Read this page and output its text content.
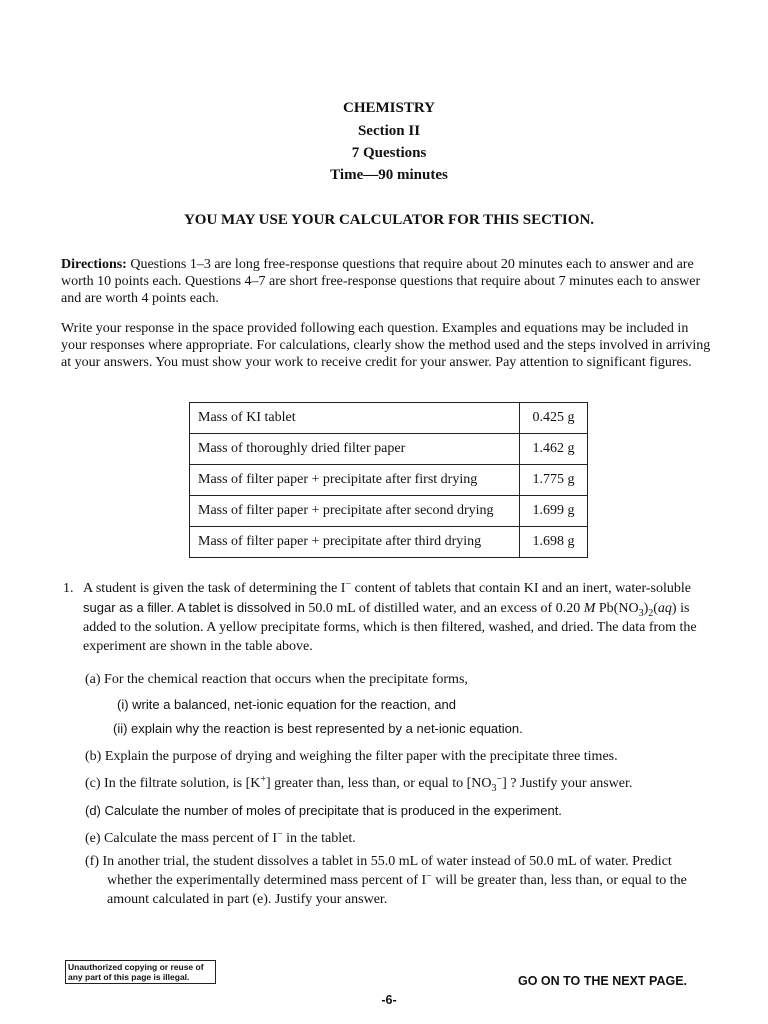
CHEMISTRY
Section II
7 Questions
Time—90 minutes
YOU MAY USE YOUR CALCULATOR FOR THIS SECTION.
Directions: Questions 1–3 are long free-response questions that require about 20 minutes each to answer and are worth 10 points each. Questions 4–7 are short free-response questions that require about 7 minutes each to answer and are worth 4 points each.
Write your response in the space provided following each question. Examples and equations may be included in your responses where appropriate. For calculations, clearly show the method used and the steps involved in arriving at your answers. You must show your work to receive credit for your answer. Pay attention to significant figures.
Mass of KI tablet	0.425 g
Mass of thoroughly dried filter paper	1.462 g
Mass of filter paper + precipitate after first drying	1.775 g
Mass of filter paper + precipitate after second drying	1.699 g
Mass of filter paper + precipitate after third drying	1.698 g
1. A student is given the task of determining the I− content of tablets that contain KI and an inert, water-soluble
sugar as a filler. A tablet is dissolved in 50.0 mL of distilled water, and an excess of 0.20 M $Pb(NO_3)_2(aq)$ is
added to the solution. A yellow precipitate forms, which is then filtered, washed, and dried. The data from the
experiment are shown in the table above.
(a) For the chemical reaction that occurs when the precipitate forms,
(i) write a balanced, net-ionic equation for the reaction, and
(ii) explain why the reaction is best represented by a net-ionic equation.
(b) Explain the purpose of drying and weighing the filter paper with the precipitate three times.
(c) In the filtrate solution, is [K+] greater than, less than, or equal to $[NO_3^-]$ ? Justify your answer.
(d) Calculate the number of moles of precipitate that is produced in the experiment.
(e) Calculate the mass percent of I− in the tablet.
(f) In another trial, the student dissolves a tablet in 55.0 mL of water instead of 50.0 mL of water. Predict
whether the experimentally determined mass percent of I− will be greater than, less than, or equal to the
amount calculated in part (e). Justify your answer.
Unauthorized copying or reuse of
any part of this page is illegal.	GO ON TO THE NEXT PAGE.
-6-
